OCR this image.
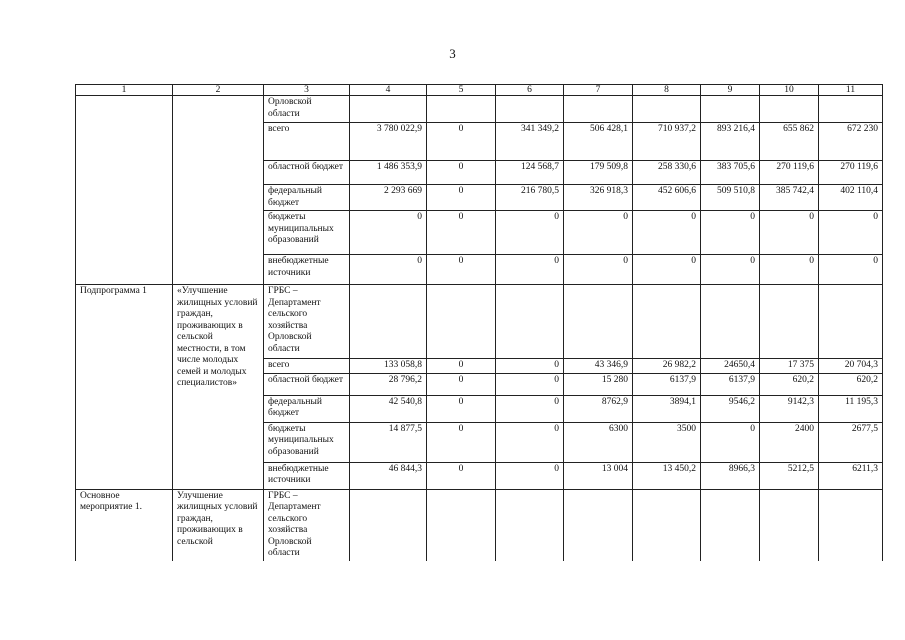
3
1	2	3	4	5	6	7	8	9	10	11
		Орловской области								
		всего	3 780 022,9	0	341 349,2	506 428,1	710 937,2	893 216,4	655 862	672 230
		областной бюджет	1 486 353,9	0	124 568,7	179 509,8	258 330,6	383 705,6	270 119,6	270 119,6
		федеральный бюджет	2 293 669	0	216 780,5	326 918,3	452 606,6	509 510,8	385 742,4	402 110,4
		бюджеты муниципальных образований	0	0	0	0	0	0	0	0
		внебюджетные источники	0	0	0	0	0	0	0	0
Подпрограмма 1	«Улучшение жилищных условий граждан, проживающих в сельской местности, в том числе молодых семей и молодых специалистов»	ГРБС – Департамент сельского хозяйства Орловской области								
		всего	133 058,8	0	0	43 346,9	26 982,2	24650,4	17 375	20 704,3
		областной бюджет	28 796,2	0	0	15 280	6137,9	6137,9	620,2	620,2
		федеральный бюджет	42 540,8	0	0	8762,9	3894,1	9546,2	9142,3	11 195,3
		бюджеты муниципальных образований	14 877,5	0	0	6300	3500	0	2400	2677,5
		внебюджетные источники	46 844,3	0	0	13 004	13 450,2	8966,3	5212,5	6211,3
Основное мероприятие 1.	Улучшение жилищных условий граждан, проживающих в сельской	ГРБС – Департамент сельского хозяйства Орловской области								
